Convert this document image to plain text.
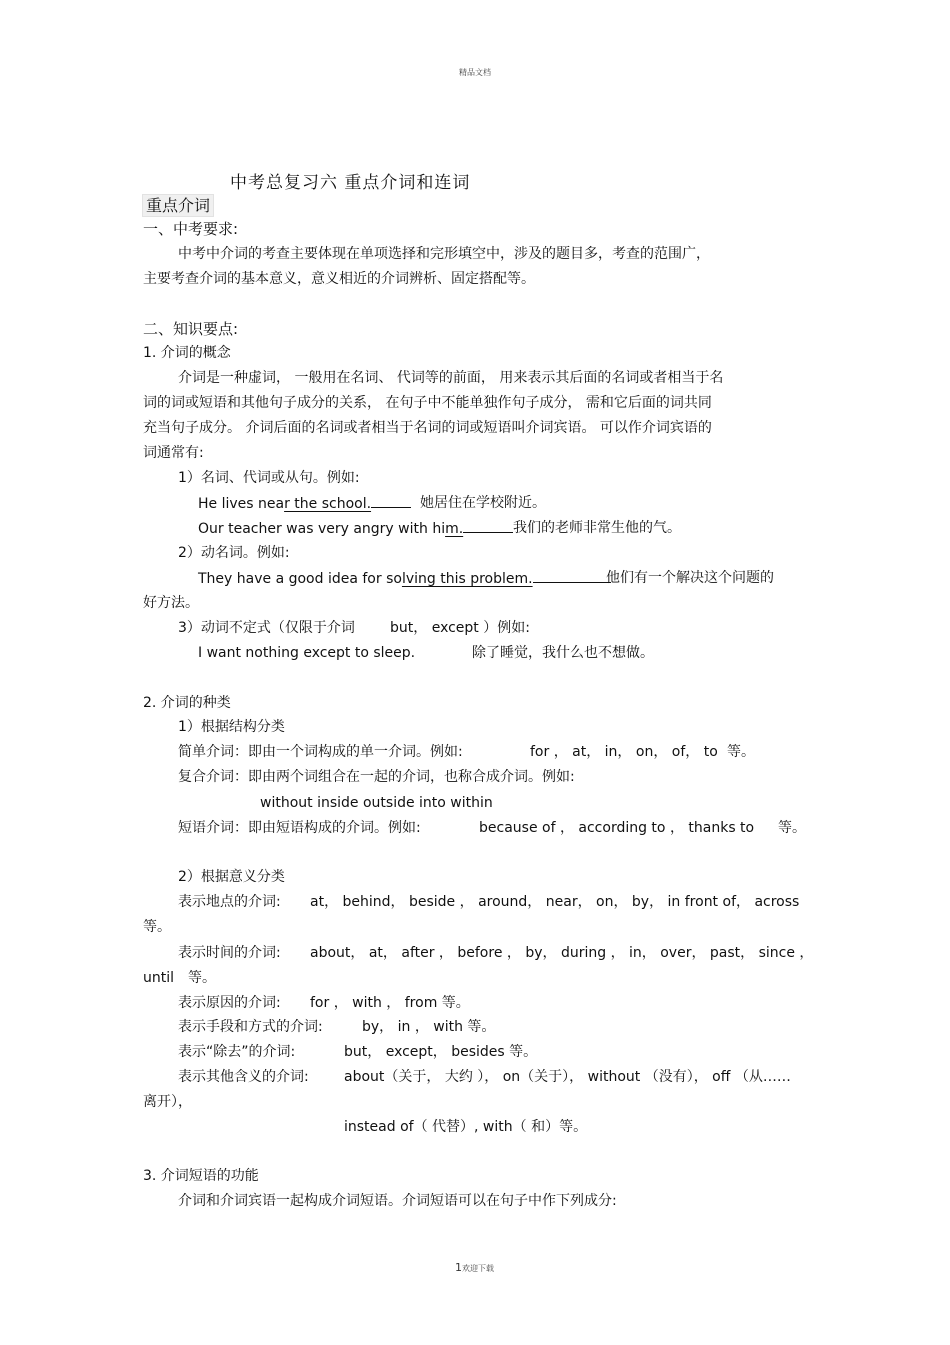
精品文档
中考总复习六 重点介词和连词
重点介词
一、中考要求:
中考中介词的考查主要体现在单项选择和完形填空中，涉及的题目多，考查的范围广，
主要考查介词的基本意义，意义相近的介词辨析、固定搭配等。
二、知识要点:
1. 介词的概念
介词是一种虚词， 一般用在名词、 代词等的前面， 用来表示其后面的名词或者相当于名
词的词或短语和其他句子成分的关系， 在句子中不能单独作句子成分， 需和它后面的词共同
充当句子成分。 介词后面的名词或者相当于名词的词或短语叫介词宾语。 可以作介词宾语的
词通常有:
1）名词、代词或从句。例如:
He lives near the school.	她居住在学校附近。
Our teacher was very angry with him.	我们的老师非常生他的气。
2）动名词。例如:
They have a good idea for solving this problem.	他们有一个解决这个问题的
好方法。
3）动词不定式（仅限于介词	but， except ）例如:
I want nothing except to sleep.	除了睡觉，我什么也不想做。
2. 介词的种类
1）根据结构分类
简单介词：即由一个词构成的单一介词。例如:	for ， at， in， on， of， to 等。
复合介词：即由两个词组合在一起的介词，也称合成介词。例如:
without inside outside into within
短语介词：即由短语构成的介词。例如:	because of ， according to ， thanks to 等。
2）根据意义分类
表示地点的介词: at， behind， beside ， around， near， on， by， in front of， across
等。
表示时间的介词: about， at， after ， before ， by， during ， in， over， past， since ，
until 等。
表示原因的介词: for ， with ， from 等。
表示手段和方式的介词:	by， in ， with 等。
表示“除去”的介词:	but， except， besides 等。
表示其他含义的介词:	about（关于， 大约 ）， on（关于）， without （没有）， off （从……
离开），
instead of（ 代替）, with（ 和）等。
3. 介词短语的功能
介词和介词宾语一起构成介词短语。介词短语可以在句子中作下列成分:
1欢迎下载
